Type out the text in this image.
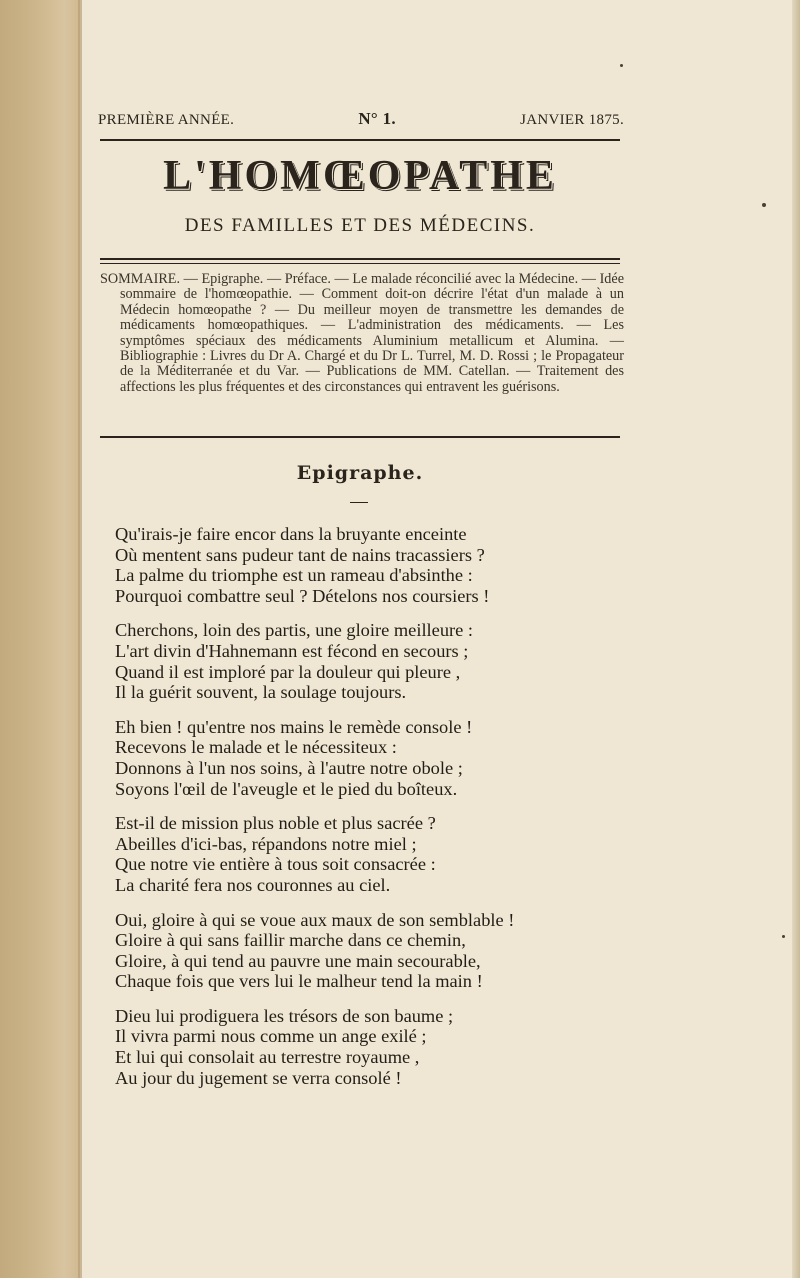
PREMIÈRE ANNÉE.	N° 1.	JANVIER 1875.
L'HOMŒOPATHE
DES FAMILLES ET DES MÉDECINS.

SOMMAIRE. — Epigraphe. — Préface. — Le malade réconcilié avec la Médecine. — Idée sommaire de l'homœopathie. — Comment doit-on décrire l'état d'un malade à un Médecin homœopathe ? — Du meilleur moyen de transmettre les demandes de médicaments homœopathiques. — L'administration des médicaments. — Les symptômes spéciaux des médicaments Aluminium metallicum et Alumina. — Bibliographie : Livres du Dr A. Chargé et du Dr L. Turrel, M. D. Rossi ; le Propagateur de la Méditerranée et du Var. — Publications de MM. Catellan. — Traitement des affections les plus fréquentes et des circonstances qui entravent les guérisons.

Epigraphe.
Qu'irais-je faire encor dans la bruyante enceinte
Où mentent sans pudeur tant de nains tracassiers ?
La palme du triomphe est un rameau d'absinthe :
Pourquoi combattre seul ? Dételons nos coursiers !
Cherchons, loin des partis, une gloire meilleure :
L'art divin d'Hahnemann est fécond en secours ;
Quand il est imploré par la douleur qui pleure ,
Il la guérit souvent, la soulage toujours.
Eh bien ! qu'entre nos mains le remède console !
Recevons le malade et le nécessiteux :
Donnons à l'un nos soins, à l'autre notre obole ;
Soyons l'œil de l'aveugle et le pied du boîteux.
Est-il de mission plus noble et plus sacrée ?
Abeilles d'ici-bas, répandons notre miel ;
Que notre vie entière à tous soit consacrée :
La charité fera nos couronnes au ciel.
Oui, gloire à qui se voue aux maux de son semblable !
Gloire à qui sans faillir marche dans ce chemin,
Gloire, à qui tend au pauvre une main secourable,
Chaque fois que vers lui le malheur tend la main !
Dieu lui prodiguera les trésors de son baume ;
Il vivra parmi nous comme un ange exilé ;
Et lui qui consolait au terrestre royaume ,
Au jour du jugement se verra consolé !
